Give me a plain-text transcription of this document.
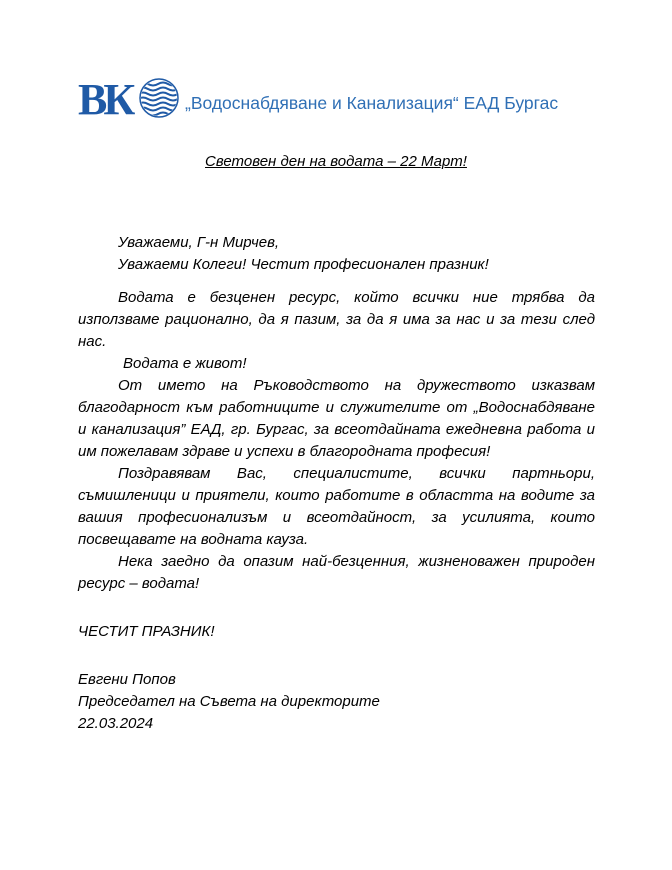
ВК	„Водоснабдяване и Канализация“ ЕАД Бургас
Световен ден на водата – 22 Март!
Уважаеми, Г-н Мирчев,
Уважаеми Колеги! Честит професионален празник!

Водата е безценен ресурс, който всички ние трябва да използваме рационално, да я пазим, за да я има за нас и за тези след нас.

Водата е живот!

От името на Ръководството на дружеството изказвам благодарност към работниците и служителите от „Водоснабдяване и канализация” ЕАД, гр. Бургас, за всеотдайната ежедневна работа и им пожелавам здраве и успехи в благородната професия!

Поздравявам Вас, специалистите, всички партньори, съмишленици и приятели, които работите в областта на водите за вашия професионализъм и всеотдайност, за усилията, които посвещавате на водната кауза.

Нека заедно да опазим най-безценния, жизненоважен природен ресурс – водата!

ЧЕСТИТ ПРАЗНИК!
Евгени Попов
Председател на Съвета на директорите
22.03.2024
